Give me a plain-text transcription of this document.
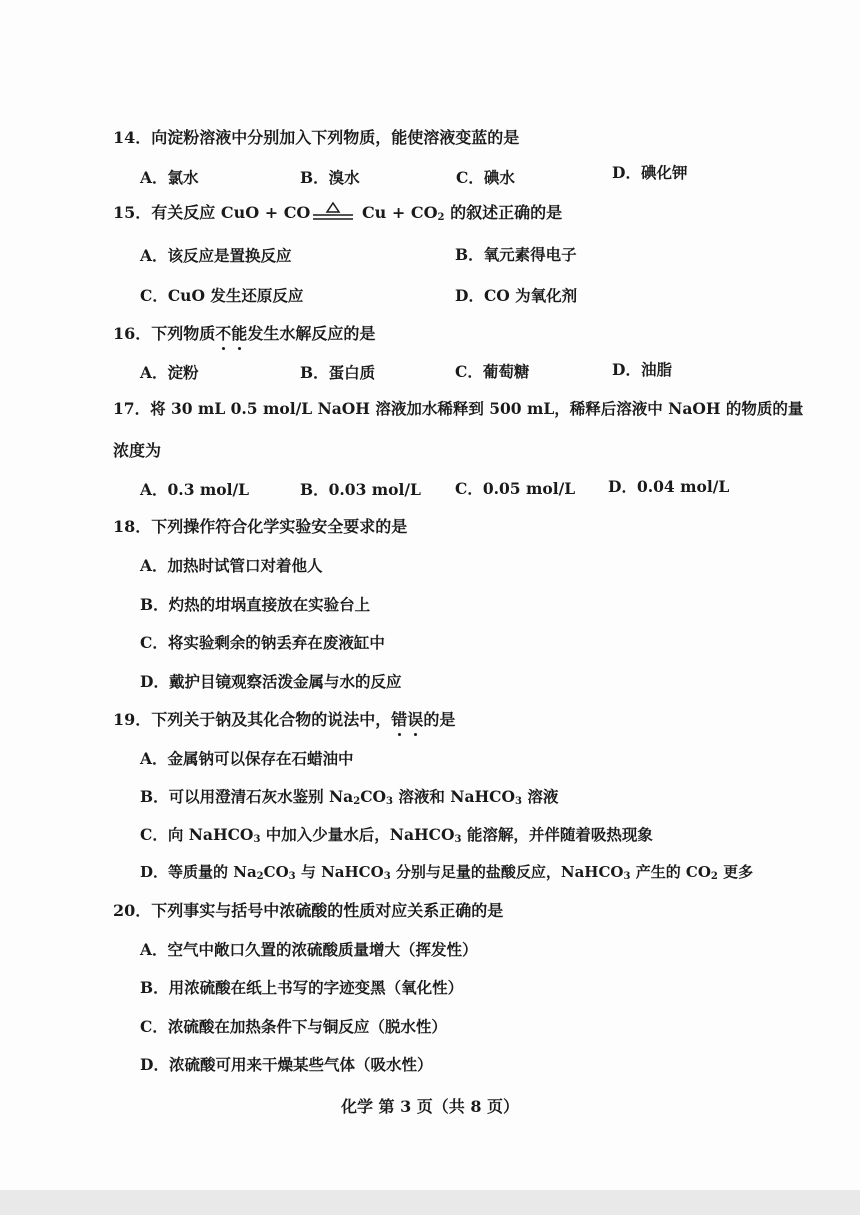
14．向淀粉溶液中分别加入下列物质，能使溶液变蓝的是
A．氯水	B．溴水	C．碘水	D．碘化钾
15．有关反应 CuO + CO	$Cu + CO_2$ 的叙述正确的是
A．该反应是置换反应	B．氧元素得电子
C．CuO 发生还原反应	D．CO 为氧化剂
16．下列物质不能发生水解反应的是
A．淀粉	B．蛋白质	C．葡萄糖	D．油脂
17．将 30 mL 0.5 mol/L NaOH 溶液加水稀释到 500 mL，稀释后溶液中 NaOH 的物质的量
浓度为
A．0.3 mol/L	B．0.03 mol/L C．0.05 mol/L D．0.04 mol/L
18．下列操作符合化学实验安全要求的是
A．加热时试管口对着他人
B．灼热的坩埚直接放在实验台上
C．将实验剩余的钠丢弃在废液缸中
D．戴护目镜观察活泼金属与水的反应
19．下列关于钠及其化合物的说法中，错误的是
A．金属钠可以保存在石蜡油中
B．可以用澄清石灰水鉴别 $Na_2CO_3$ 溶液和 NaHCO$_3$ 溶液
C．向 NaHCO$_3$ 中加入少量水后，NaHCO$_3$ 能溶解，并伴随着吸热现象
D．等质量的 $Na_2CO_3$ 与 NaHCO$_3$ 分别与足量的盐酸反应，NaHCO$_3$ 产生的 $CO_2$ 更多
20．下列事实与括号中浓硫酸的性质对应关系正确的是
A．空气中敞口久置的浓硫酸质量增大（挥发性）
B．用浓硫酸在纸上书写的字迹变黑（氧化性）
C．浓硫酸在加热条件下与铜反应（脱水性）
D．浓硫酸可用来干燥某些气体（吸水性）
化学 第 3 页（共 8 页）
